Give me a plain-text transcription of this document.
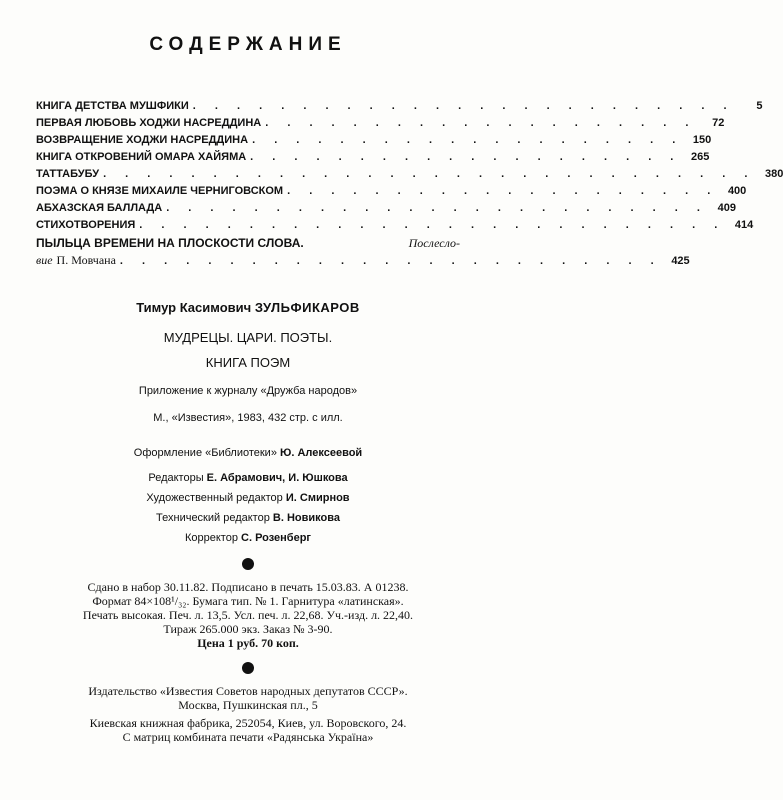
СОДЕРЖАНИЕ
КНИГА ДЕТСТВА МУШФИКИ . . . . . . . . . . . . . . . . . . . . . . . . .	5
ПЕРВАЯ ЛЮБОВЬ ХОДЖИ НАСРЕДДИНА . . . . . . . . . . . . . . . . . . . .	72
ВОЗВРАЩЕНИЕ ХОДЖИ НАСРЕДДИНА . . . . . . . . . . . . . . . . . . . . 150
КНИГА ОТКРОВЕНИЙ ОМАРА ХАЙЯМА . . . . . . . . . . . . . . . . . . . . 265
ТАТТАБУБУ . . . . . . . . . . . . . . . . . . . . . . . . . . . . . . 380
ПОЭМА О КНЯЗЕ МИХАИЛЕ ЧЕРНИГОВСКОМ . . . . . . . . . . . . . . . . . . . . 400
АБХАЗСКАЯ БАЛЛАДА . . . . . . . . . . . . . . . . . . . . . . . . . 409
СТИХОТВОРЕНИЯ . . . . . . . . . . . . . . . . . . . . . . . . . . . 414
ПЫЛЬЦА ВРЕМЕНИ НА ПЛОСКОСТИ СЛОВА.	Послесло-
вие П. Мовчана . . . . . . . . . . . . . . . . . . . . . . . . . 425
Тимур Касимович ЗУЛЬФИКАРОВ
МУДРЕЦЫ. ЦАРИ. ПОЭТЫ.
КНИГА ПОЭМ
Приложение к журналу «Дружба народов»
М., «Известия», 1983, 432 стр. с илл.
Оформление «Библиотеки» Ю. Алексеевой
Редакторы Е. Абрамович, И. Юшкова
Художественный редактор И. Смирнов
Технический редактор В. Новикова
Корректор С. Розенберг
Сдано в набор 30.11.82. Подписано в печать 15.03.83. А 01238.
Формат 84×108¹/₃₂. Бумага тип. № 1. Гарнитура «латинская».
Печать высокая. Печ. л. 13,5. Усл. печ. л. 22,68. Уч.-изд. л. 22,40.
Тираж 265.000 экз. Заказ № 3-90.
Цена 1 руб. 70 коп.
Издательство «Известия Советов народных депутатов СССР».
Москва, Пушкинская пл., 5
Киевская книжная фабрика, 252054, Киев, ул. Воровского, 24.
С матриц комбината печати «Радянська Украïна»
